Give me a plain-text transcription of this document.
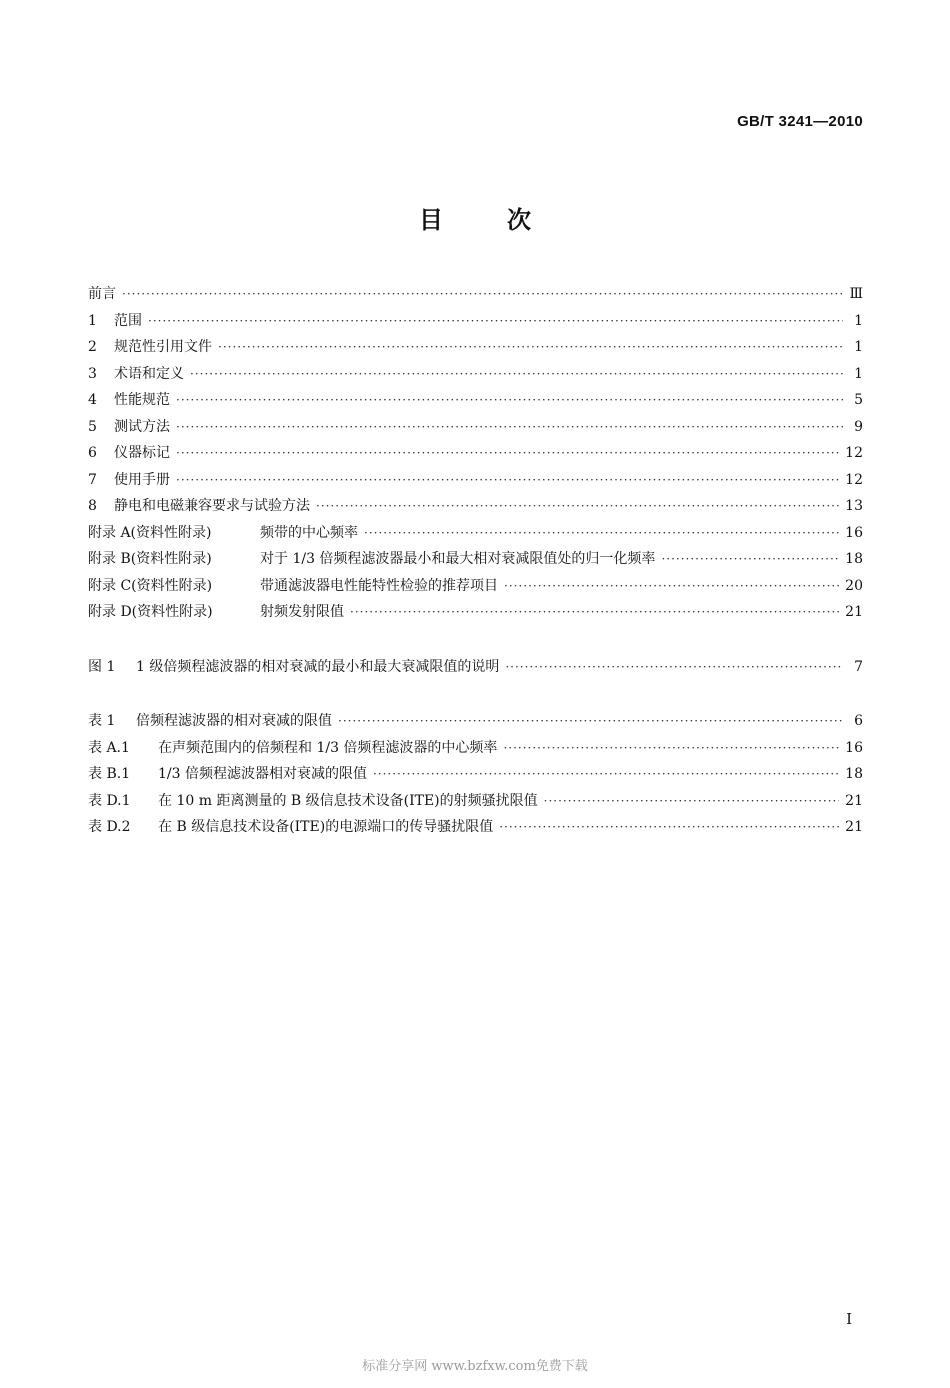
GB/T 3241—2010
目	次
前言 ·····	Ⅲ
1	范围 ·····	1
2	规范性引用文件 ·····	1
3	术语和定义 ·····	1
4	性能规范 ·····	5
5	测试方法 ·····	9
6	仪器标记 ·····	12
7	使用手册 ·····	12
8	静电和电磁兼容要求与试验方法 ·····	13
附录 A(资料性附录)	频带的中心频率 ·····	16
附录 B(资料性附录)	对于 1/3 倍频程滤波器最小和最大相对衰减限值处的归一化频率 ·····	18
附录 C(资料性附录)	带通滤波器电性能特性检验的推荐项目 ·····	20
附录 D(资料性附录)	射频发射限值 ·····	21
图 1	1 级倍频程滤波器的相对衰减的最小和最大衰减限值的说明 ·····	7
表 1	倍频程滤波器的相对衰减的限值 ·····	6
表 A.1	在声频范围内的倍频程和 1/3 倍频程滤波器的中心频率 ·····	16
表 B.1	1/3 倍频程滤波器相对衰减的限值 ·····	18
表 D.1	在 10 m 距离测量的 B 级信息技术设备(ITE)的射频骚扰限值 ·····	21
表 D.2	在 B 级信息技术设备(ITE)的电源端口的传导骚扰限值 ·····	21
I
标准分享网 www.bzfxw.com免费下载
